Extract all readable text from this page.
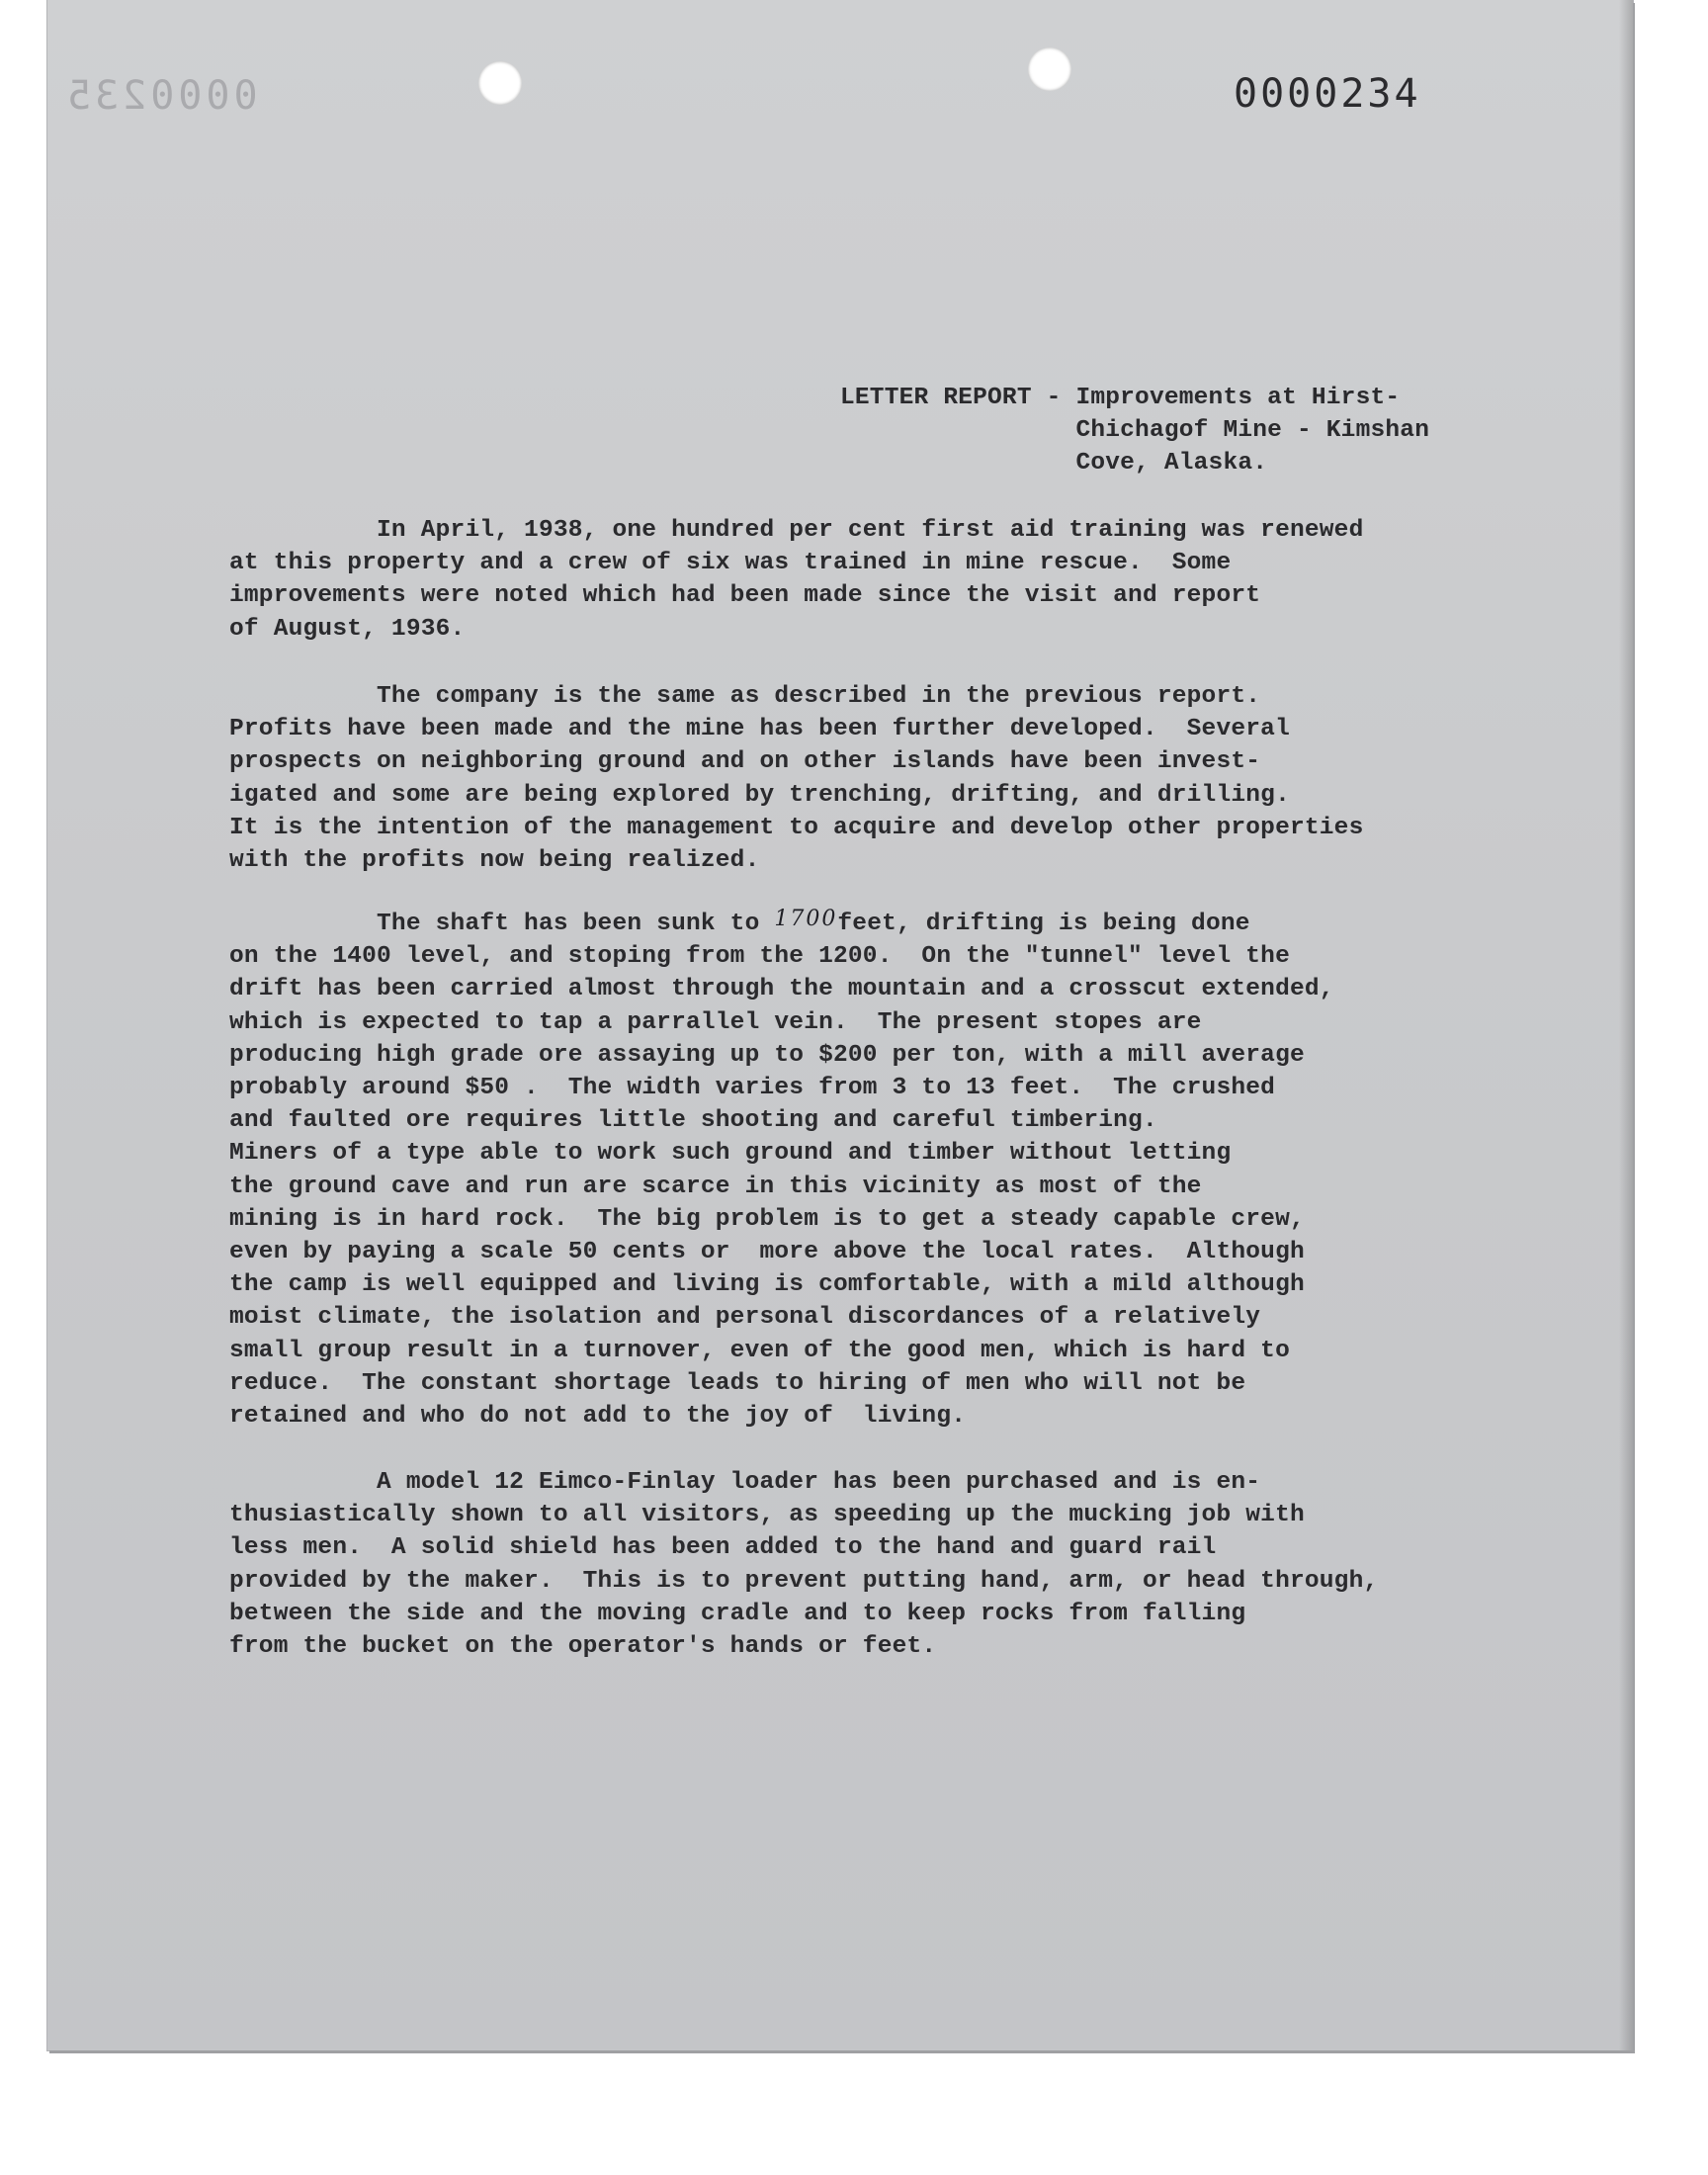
0000235	0000234

LETTER REPORT - Improvements at Hirst-

Chichagof Mine - Kimshan

Cove, Alaska.

In April, 1938, one hundred per cent first aid training was renewed

at this property and a crew of six was trained in mine rescue.  Some

improvements were noted which had been made since the visit and report

of August, 1936.

The company is the same as described in the previous report.

Profits have been made and the mine has been further developed.  Several

prospects on neighboring ground and on other islands have been invest-

igated and some are being explored by trenching, drifting, and drilling.

It is the intention of the management to acquire and develop other properties

with the profits now being realized.

The shaft has been sunk to 1700feet, drifting is being done

on the 1400 level, and stoping from the 1200.  On the "tunnel" level the

drift has been carried almost through the mountain and a crosscut extended,

which is expected to tap a parrallel vein.  The present stopes are

producing high grade ore assaying up to $200 per ton, with a mill average

probably around $50 .  The width varies from 3 to 13 feet.  The crushed

and faulted ore requires little shooting and careful timbering.

Miners of a type able to work such ground and timber without letting

the ground cave and run are scarce in this vicinity as most of the

mining is in hard rock.  The big problem is to get a steady capable crew,

even by paying a scale 50 cents or  more above the local rates.  Although

the camp is well equipped and living is comfortable, with a mild although

moist climate, the isolation and personal discordances of a relatively

small group result in a turnover, even of the good men, which is hard to

reduce.  The constant shortage leads to hiring of men who will not be

retained and who do not add to the joy of  living.

A model 12 Eimco-Finlay loader has been purchased and is en-

thusiastically shown to all visitors, as speeding up the mucking job with

less men.  A solid shield has been added to the hand and guard rail

provided by the maker.  This is to prevent putting hand, arm, or head through,

between the side and the moving cradle and to keep rocks from falling

from the bucket on the operator's hands or feet.
